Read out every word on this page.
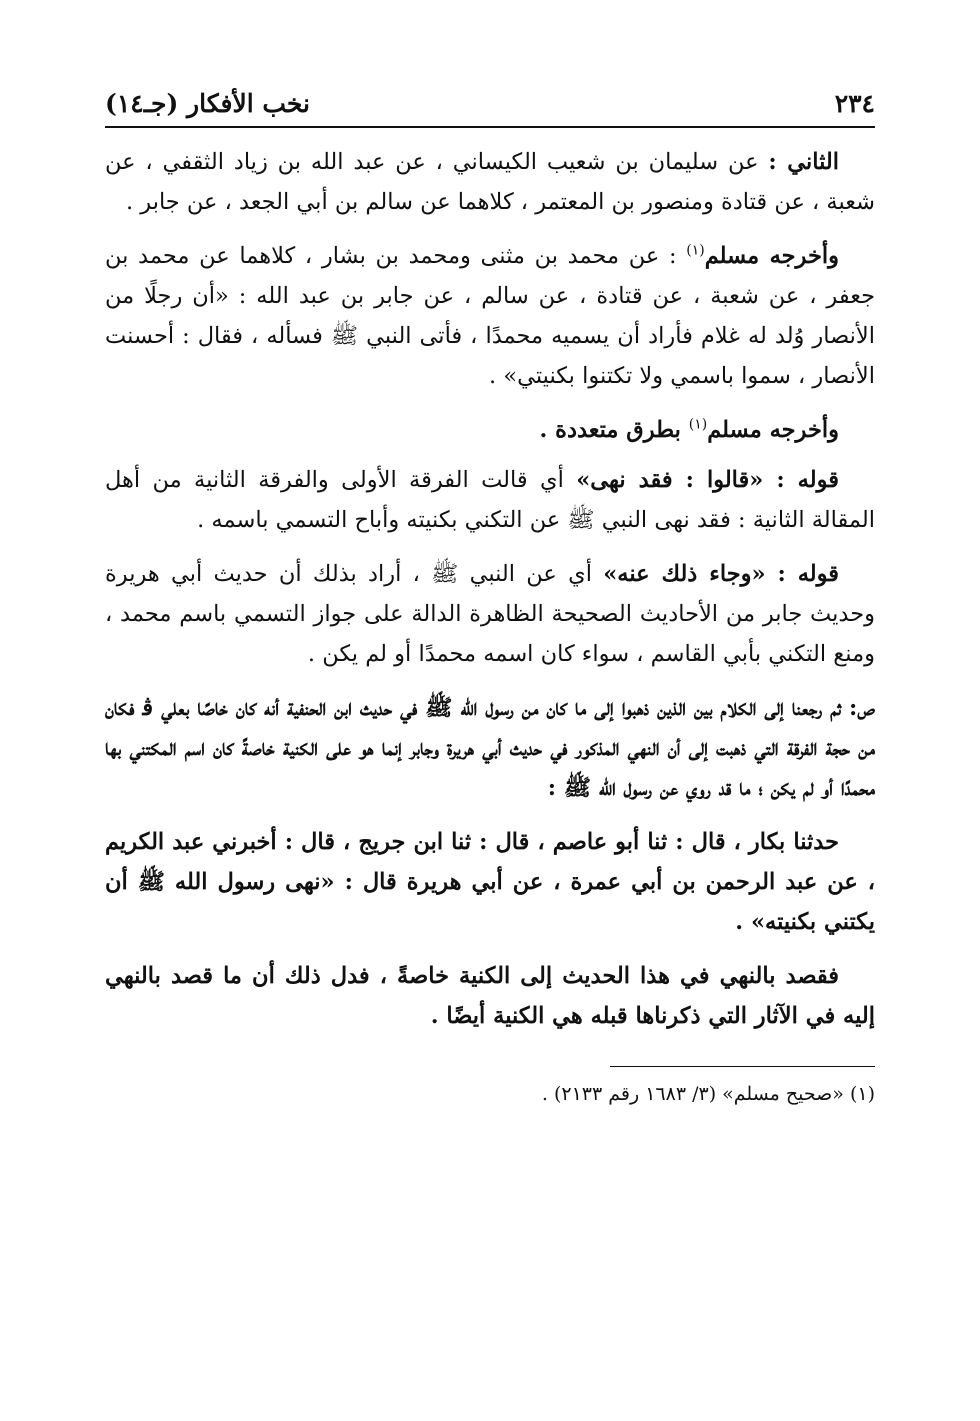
٢٣٤
نخب الأفكار (جـ١٤)
الثاني : عن سليمان بن شعيب الكيساني ، عن عبد الله بن زياد الثقفي ، عن شعبة ، عن قتادة ومنصور بن المعتمر ، كلاهما عن سالم بن أبي الجعد ، عن جابر .
وأخرجه مسلم$^{(١)}$ : عن محمد بن مثنى ومحمد بن بشار ، كلاهما عن محمد بن جعفر ، عن شعبة ، عن قتادة ، عن سالم ، عن جابر بن عبد الله : «أن رجلًا من الأنصار وُلد له غلام فأراد أن يسميه محمدًا ، فأتى النبي ﷺ فسأله ، فقال : أحسنت الأنصار ، سموا باسمي ولا تكتنوا بكنيتي» .
وأخرجه مسلم$^{(١)}$ بطرق متعددة .
قوله : «قالوا : فقد نهى» أي قالت الفرقة الأولى والفرقة الثانية من أهل المقالة الثانية : فقد نهى النبي ﷺ عن التكني بكنيته وأباح التسمي باسمه .
قوله : «وجاء ذلك عنه» أي عن النبي ﷺ ، أراد بذلك أن حديث أبي هريرة وحديث جابر من الأحاديث الصحيحة الظاهرة الدالة على جواز التسمي باسم محمد ، ومنع التكني بأبي القاسم ، سواء كان اسمه محمدًا أو لم يكن .
ص: ثم رجعنا إلى الكلام بين الذين ذهبوا إلى ما كان من رسول الله ﷺ في حديث ابن الحنفية أنه كان خاصًا بعلي ﭬ فكان من حجة الفرقة التي ذهبت إلى أن النهي المذكور في حديث أبي هريرة وجابر إنما هو على الكنية خاصةً كان اسم المكتني بها محمدًا أو لم يكن ؛ ما قد روي عن رسول الله ﷺ :
حدثنا بكار ، قال : ثنا أبو عاصم ، قال : ثنا ابن جريج ، قال : أخبرني عبد الكريم ، عن عبد الرحمن بن أبي عمرة ، عن أبي هريرة قال : «نهى رسول الله ﷺ أن يكتني بكنيته» .
فقصد بالنهي في هذا الحديث إلى الكنية خاصةً ، فدل ذلك أن ما قصد بالنهي إليه في الآثار التي ذكرناها قبله هي الكنية أيضًا .
(١) «صحيح مسلم» (٣/ ١٦٨٣ رقم ٢١٣٣) .
